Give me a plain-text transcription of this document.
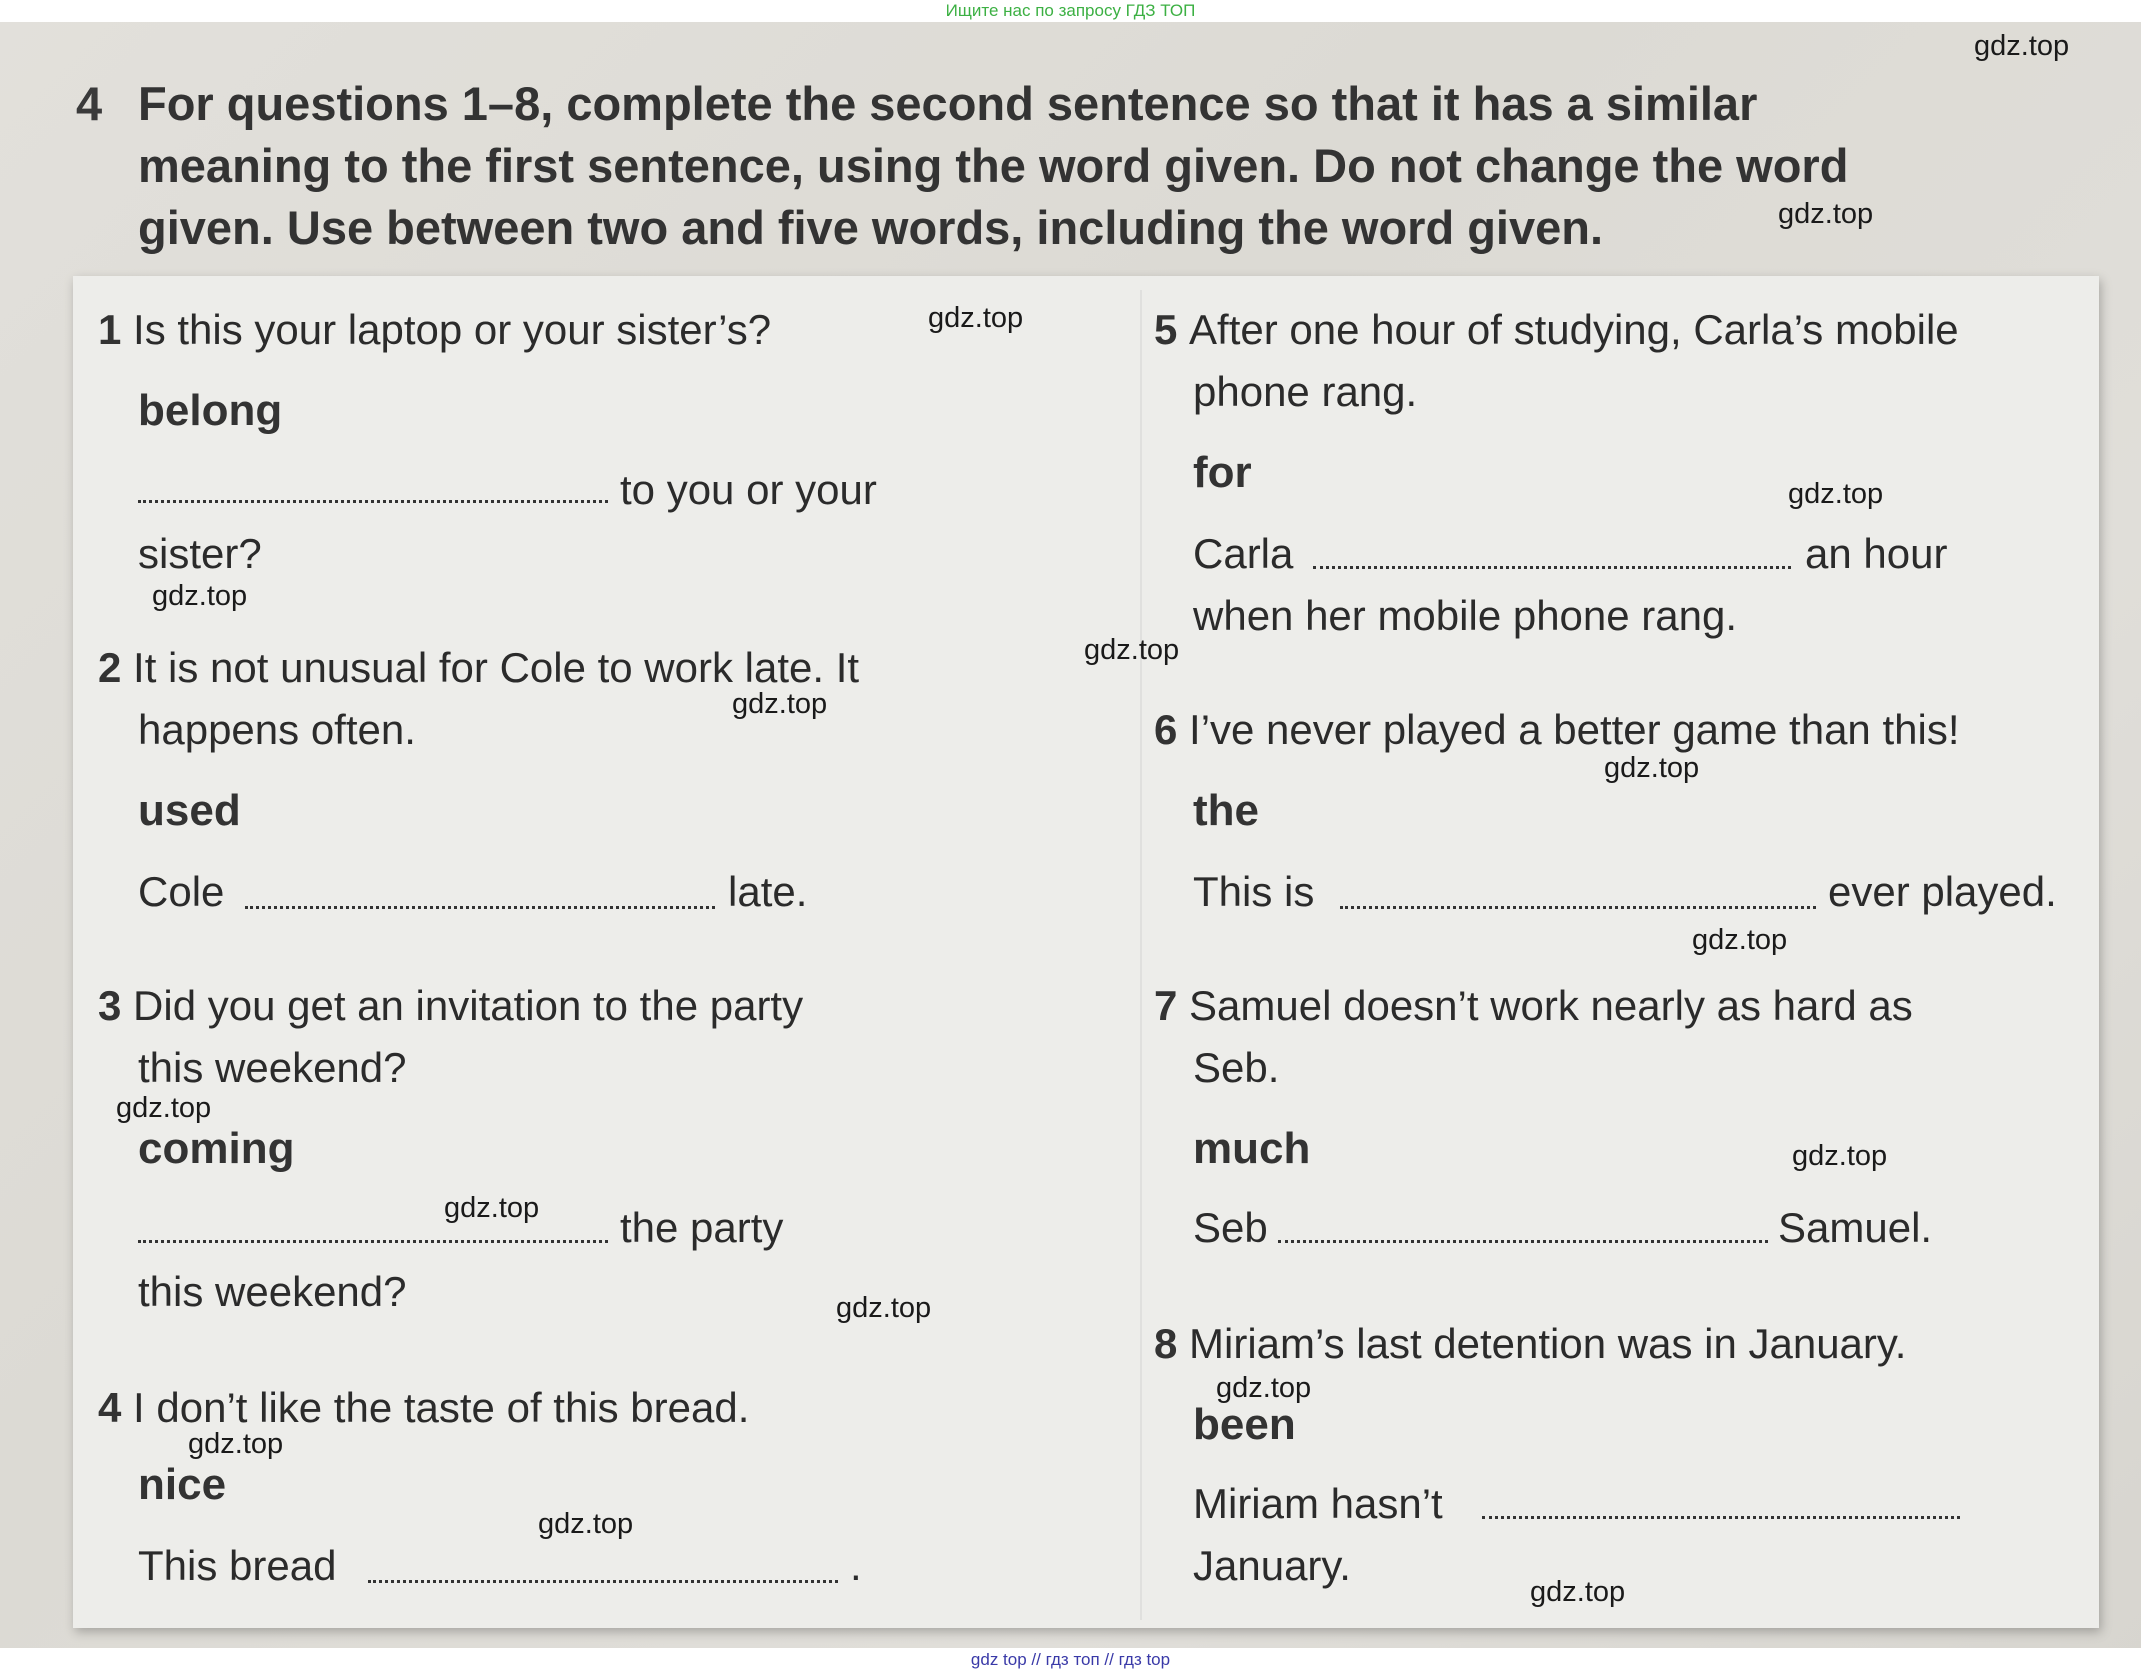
Ищите нас по запросу ГДЗ ТОП

4 For questions 1–8, complete the second sentence so that it has a similar
meaning to the first sentence, using the word given. Do not change the word
given. Use between two and five words, including the word given.
1 Is this your laptop or your sister’s?
belong
to you or your
sister?
2 It is not unusual for Cole to work late. It
happens often.
used
Cole	late.
3 Did you get an invitation to the party
this weekend?
coming
the party
this weekend?
4 I don’t like the taste of this bread.
nice
This bread	.
5 After one hour of studying, Carla’s mobile
phone rang.
for
Carla	an hour
when her mobile phone rang.
6 I’ve never played a better game than this!
the
This is	ever played.
7 Samuel doesn’t work nearly as hard as
Seb.
much
Seb	Samuel.
8 Miriam’s last detention was in January.
been
Miriam hasn’t
January.
gdz.top
gdz.top
gdz.top
gdz.top
gdz.top
gdz.top
gdz.top
gdz.top
gdz.top
gdz.top
gdz.top
gdz.top
gdz.top
gdz.top
gdz.top
gdz.top
gdz.top
gdz top // гдз топ // гдз top
